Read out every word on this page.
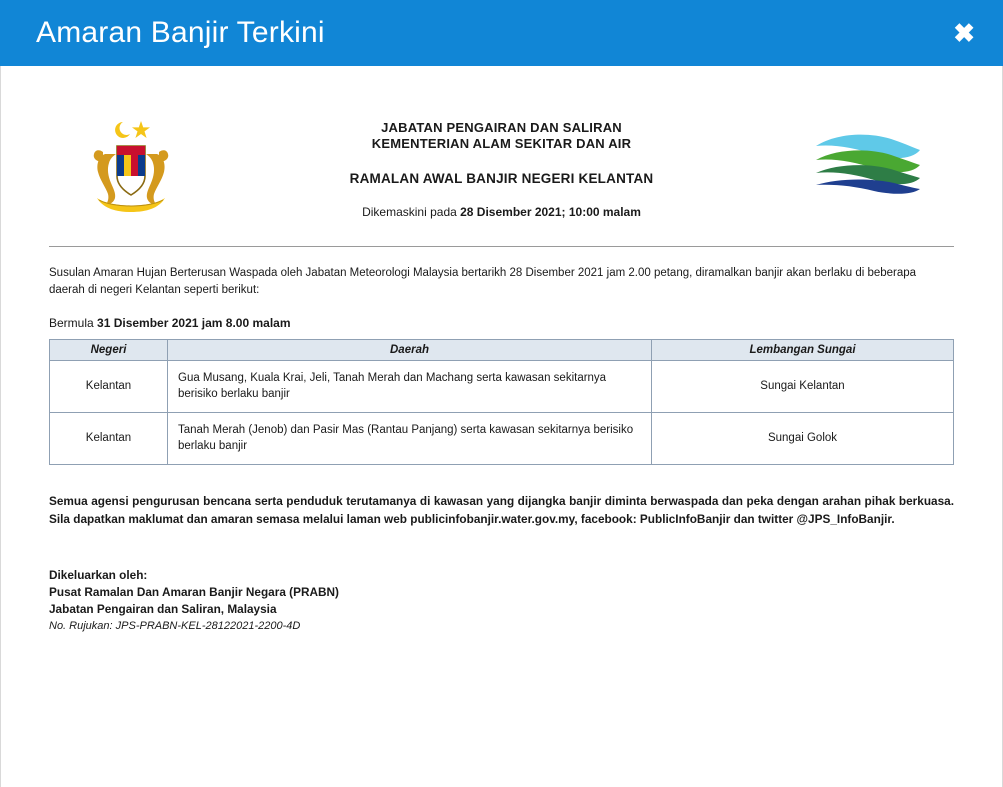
Amaran Banjir Terkini	✖
JABATAN PENGAIRAN DAN SALIRAN
KEMENTERIAN ALAM SEKITAR DAN AIR
RAMALAN AWAL BANJIR NEGERI KELANTAN
Dikemaskini pada 28 Disember 2021; 10:00 malam

Susulan Amaran Hujan Berterusan Waspada oleh Jabatan Meteorologi Malaysia bertarikh 28 Disember 2021 jam 2.00 petang, diramalkan banjir akan berlaku di beberapa daerah di negeri Kelantan seperti berikut:

Bermula 31 Disember 2021 jam 8.00 malam
Negeri	Daerah	Lembangan Sungai
Kelantan	Gua Musang, Kuala Krai, Jeli, Tanah Merah dan Machang serta kawasan sekitarnya berisiko berlaku banjir	Sungai Kelantan
Kelantan	Tanah Merah (Jenob) dan Pasir Mas (Rantau Panjang) serta kawasan sekitarnya berisiko berlaku banjir	Sungai Golok

Semua agensi pengurusan bencana serta penduduk terutamanya di kawasan yang dijangka banjir diminta berwaspada dan peka dengan arahan pihak berkuasa. Sila dapatkan maklumat dan amaran semasa melalui laman web publicinfobanjir.water.gov.my, facebook: PublicInfoBanjir dan twitter @JPS_InfoBanjir.

Dikeluarkan oleh:
Pusat Ramalan Dan Amaran Banjir Negara (PRABN)
Jabatan Pengairan dan Saliran, Malaysia
No. Rujukan: JPS-PRABN-KEL-28122021-2200-4D
